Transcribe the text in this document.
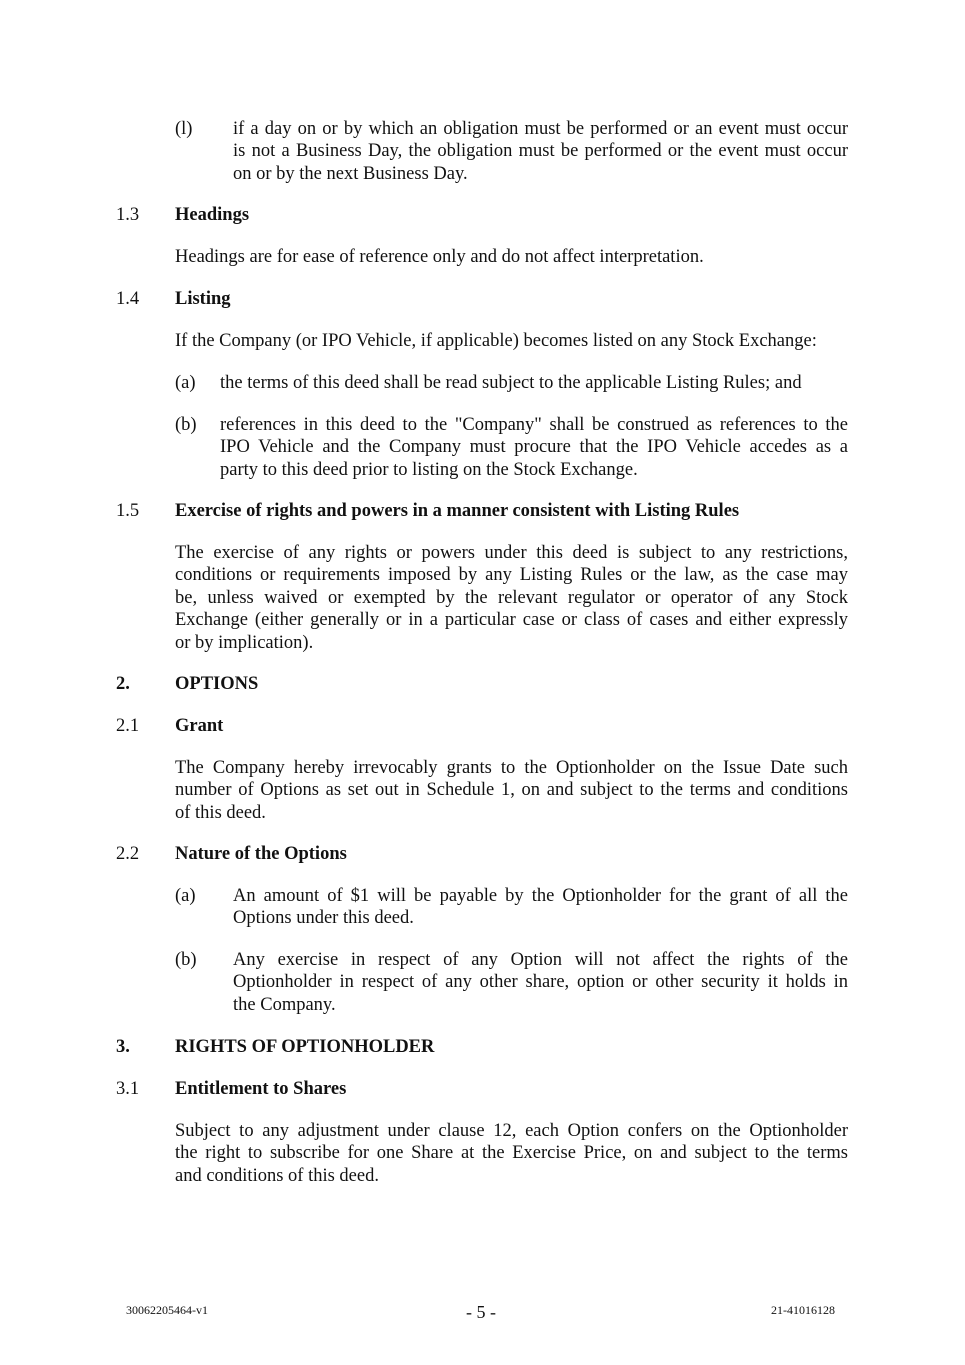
(l) if a day on or by which an obligation must be performed or an event must occur
is not a Business Day, the obligation must be performed or the event must occur
on or by the next Business Day.
1.3 Headings
Headings are for ease of reference only and do not affect interpretation.
1.4 Listing
If the Company (or IPO Vehicle, if applicable) becomes listed on any Stock Exchange:
(a) the terms of this deed shall be read subject to the applicable Listing Rules; and
(b) references in this deed to the "Company" shall be construed as references to the
IPO Vehicle and the Company must procure that the IPO Vehicle accedes as a
party to this deed prior to listing on the Stock Exchange.
1.5 Exercise of rights and powers in a manner consistent with Listing Rules
The exercise of any rights or powers under this deed is subject to any restrictions,
conditions or requirements imposed by any Listing Rules or the law, as the case may
be, unless waived or exempted by the relevant regulator or operator of any Stock
Exchange (either generally or in a particular case or class of cases and either expressly
or by implication).
2. OPTIONS
2.1 Grant
The Company hereby irrevocably grants to the Optionholder on the Issue Date such
number of Options as set out in Schedule 1, on and subject to the terms and conditions
of this deed.
2.2 Nature of the Options
(a) An amount of $1 will be payable by the Optionholder for the grant of all the
Options under this deed.
(b) Any exercise in respect of any Option will not affect the rights of the
Optionholder in respect of any other share, option or other security it holds in
the Company.
3. RIGHTS OF OPTIONHOLDER
3.1 Entitlement to Shares
Subject to any adjustment under clause 12, each Option confers on the Optionholder
the right to subscribe for one Share at the Exercise Price, on and subject to the terms
and conditions of this deed.
30062205464-v1	- 5 -	21-41016128
